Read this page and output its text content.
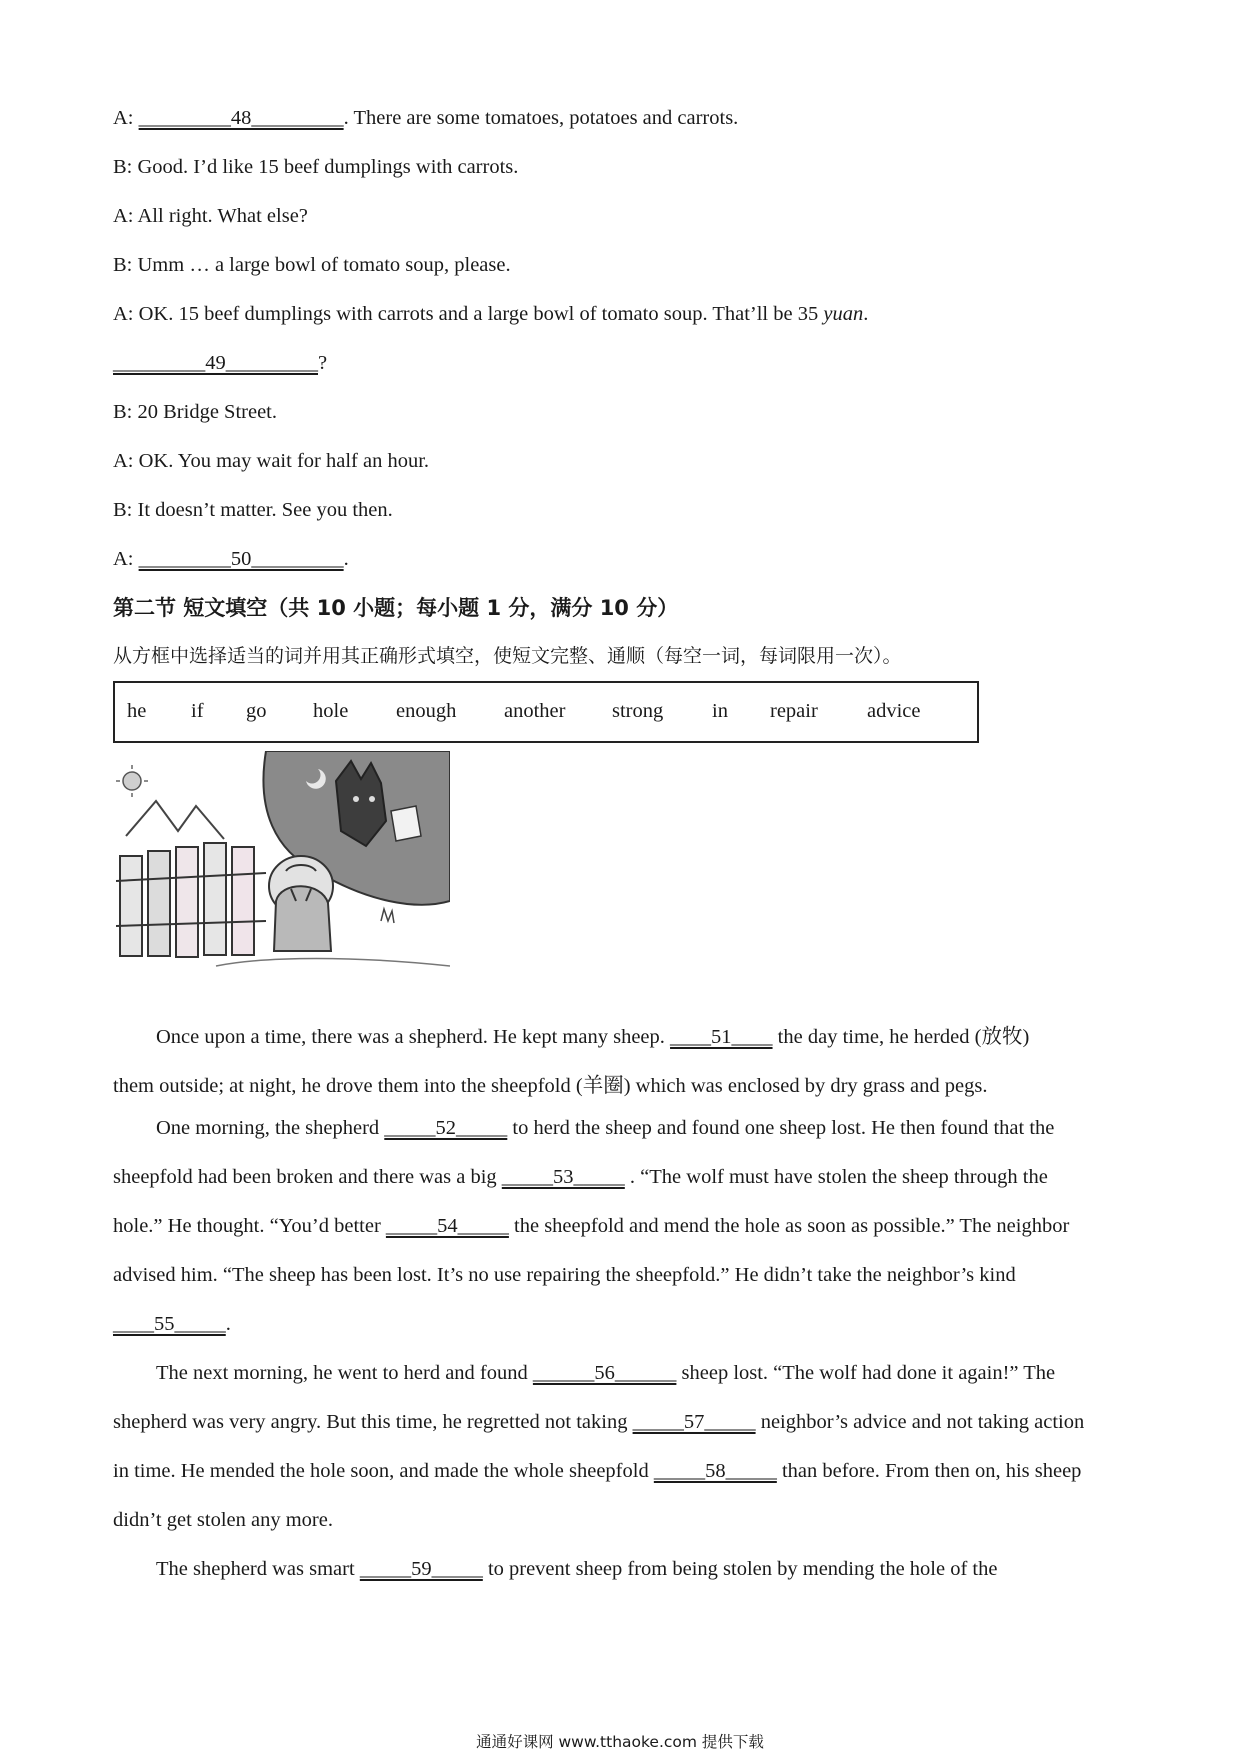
A: _________48_________. There are some tomatoes, potatoes and carrots.
B: Good. I’d like 15 beef dumplings with carrots.
A: All right. What else?
B: Umm … a large bowl of tomato soup, please.
A: OK. 15 beef dumplings with carrots and a large bowl of tomato soup. That’ll be 35 yuan.
_________49_________?
B: 20 Bridge Street.
A: OK. You may wait for half an hour.
B: It doesn’t matter. See you then.
A: _________50_________.
第二节 短文填空（共 10 小题；每小题 1 分，满分 10 分）
从方框中选择适当的词并用其正确形式填空，使短文完整、通顺（每空一词，每词限用一次）。
he if go hole enough another strong in repair advice
Once upon a time, there was a shepherd. He kept many sheep. ____51____ the day time, he herded (放牧)
them outside; at night, he drove them into the sheepfold (羊圈) which was enclosed by dry grass and pegs.
One morning, the shepherd _____52_____ to herd the sheep and found one sheep lost. He then found that the
sheepfold had been broken and there was a big _____53_____ . “The wolf must have stolen the sheep through the
hole.” He thought. “You’d better _____54_____ the sheepfold and mend the hole as soon as possible.” The neighbor
advised him. “The sheep has been lost. It’s no use repairing the sheepfold.” He didn’t take the neighbor’s kind
____55_____.
The next morning, he went to herd and found ______56______ sheep lost. “The wolf had done it again!” The
shepherd was very angry. But this time, he regretted not taking _____57_____ neighbor’s advice and not taking action
in time. He mended the hole soon, and made the whole sheepfold _____58_____ than before. From then on, his sheep
didn’t get stolen any more.
The shepherd was smart _____59_____ to prevent sheep from being stolen by mending the hole of the
通通好课网 www.tthaoke.com 提供下载
